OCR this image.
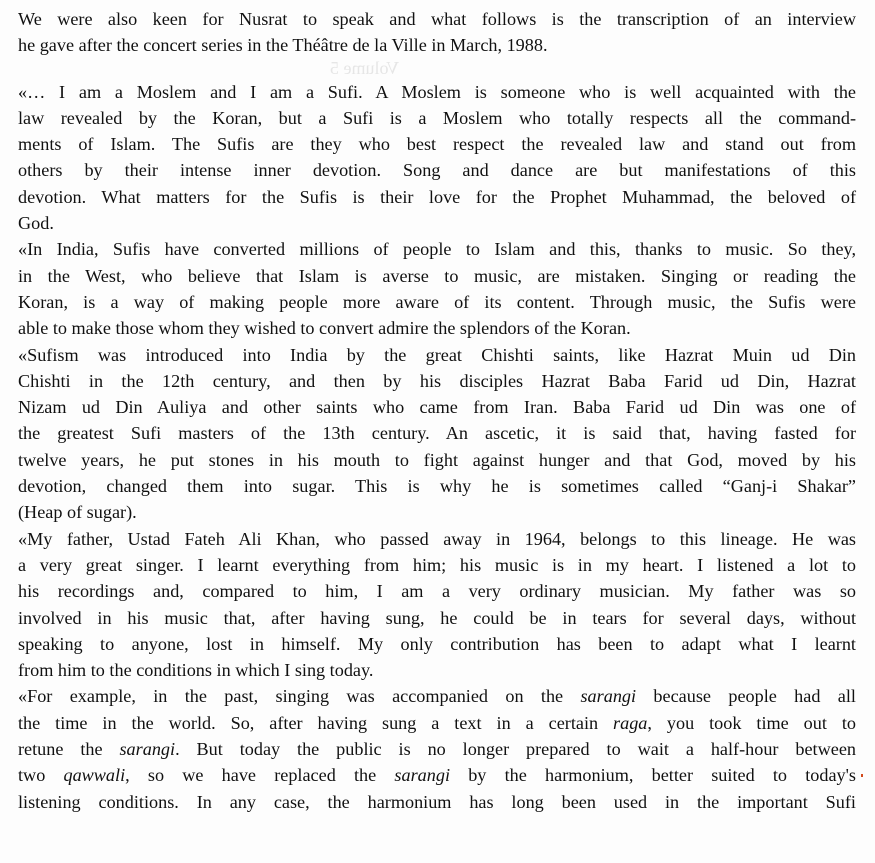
Volume 5

We were also keen for Nusrat to speak and what follows is the transcription of an interview
he gave after the concert series in the Théâtre de la Ville in March, 1988.

«… I am a Moslem and I am a Sufi. A Moslem is someone who is well acquainted with the
law revealed by the Koran, but a Sufi is a Moslem who totally respects all the command-
ments of Islam. The Sufis are they who best respect the revealed law and stand out from
others by their intense inner devotion. Song and dance are but manifestations of this
devotion. What matters for the Sufis is their love for the Prophet Muhammad, the beloved of
God.

«In India, Sufis have converted millions of people to Islam and this, thanks to music. So they,
in the West, who believe that Islam is averse to music, are mistaken. Singing or reading the
Koran, is a way of making people more aware of its content. Through music, the Sufis were
able to make those whom they wished to convert admire the splendors of the Koran.

«Sufism was introduced into India by the great Chishti saints, like Hazrat Muin ud Din
Chishti in the 12th century, and then by his disciples Hazrat Baba Farid ud Din, Hazrat
Nizam ud Din Auliya and other saints who came from Iran. Baba Farid ud Din was one of
the greatest Sufi masters of the 13th century. An ascetic, it is said that, having fasted for
twelve years, he put stones in his mouth to fight against hunger and that God, moved by his
devotion, changed them into sugar. This is why he is sometimes called “Ganj-i Shakar”
(Heap of sugar).

«My father, Ustad Fateh Ali Khan, who passed away in 1964, belongs to this lineage. He was
a very great singer. I learnt everything from him; his music is in my heart. I listened a lot to
his recordings and, compared to him, I am a very ordinary musician. My father was so
involved in his music that, after having sung, he could be in tears for several days, without
speaking to anyone, lost in himself. My only contribution has been to adapt what I learnt
from him to the conditions in which I sing today.

«For example, in the past, singing was accompanied on the sarangi because people had all
the time in the world. So, after having sung a text in a certain raga, you took time out to
retune the sarangi. But today the public is no longer prepared to wait a half-hour between
two qawwali, so we have replaced the sarangi by the harmonium, better suited to today's
listening conditions. In any case, the harmonium has long been used in the important Sufi
